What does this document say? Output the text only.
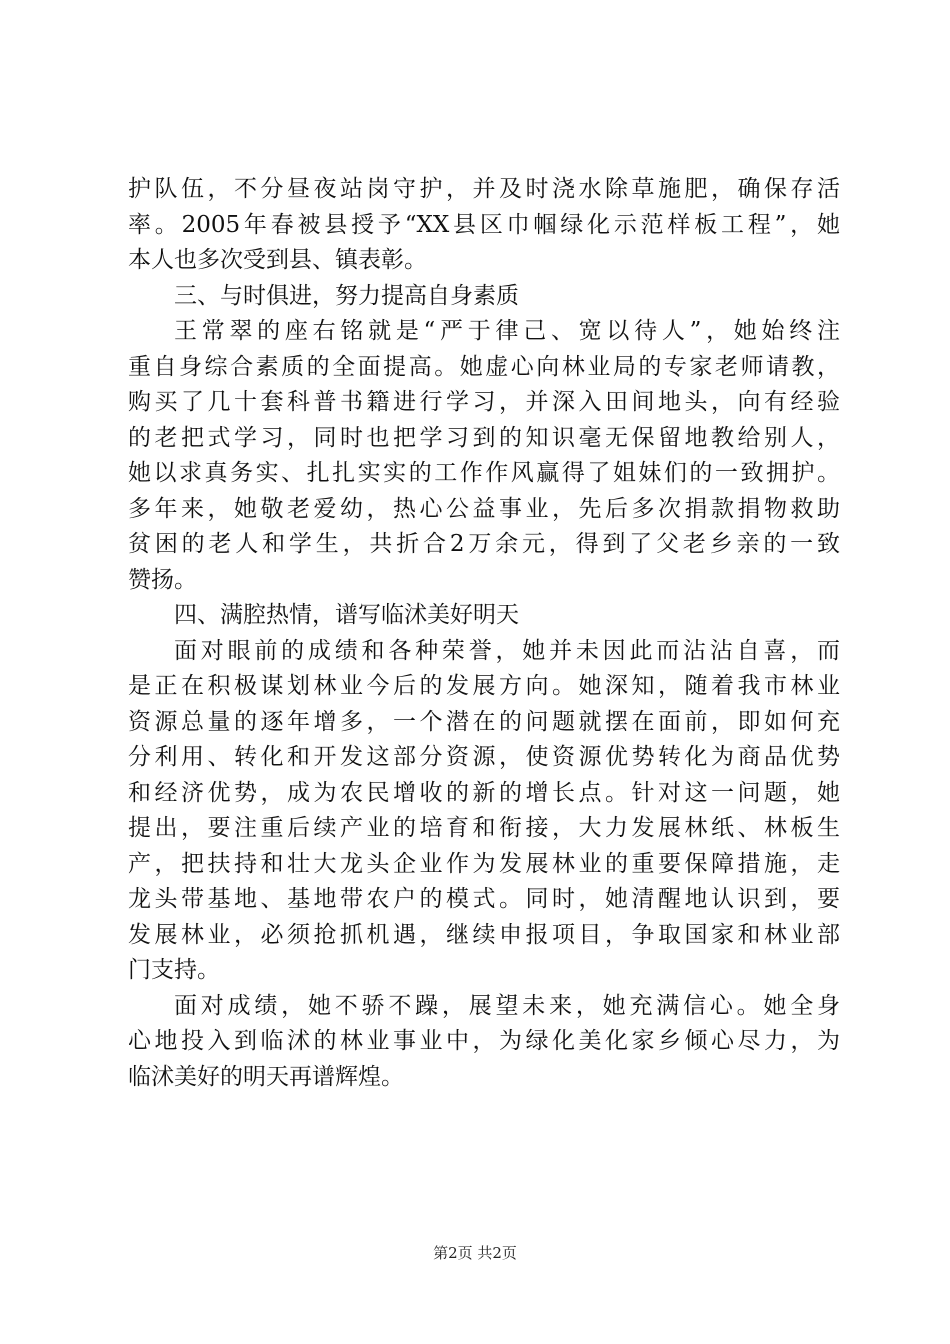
护队伍，不分昼夜站岗守护，并及时浇水除草施肥，确保存活
率。2005年春被县授予“XX县区巾帼绿化示范样板工程”，她
本人也多次受到县、镇表彰。
三、与时俱进，努力提高自身素质
王常翠的座右铭就是“严于律己、宽以待人”，她始终注
重自身综合素质的全面提高。她虚心向林业局的专家老师请教，
购买了几十套科普书籍进行学习，并深入田间地头，向有经验
的老把式学习，同时也把学习到的知识毫无保留地教给别人，
她以求真务实、扎扎实实的工作作风赢得了姐妹们的一致拥护。
多年来，她敬老爱幼，热心公益事业，先后多次捐款捐物救助
贫困的老人和学生，共折合2万余元，得到了父老乡亲的一致
赞扬。
四、满腔热情，谱写临沭美好明天
面对眼前的成绩和各种荣誉，她并未因此而沾沾自喜，而
是正在积极谋划林业今后的发展方向。她深知，随着我市林业
资源总量的逐年增多，一个潜在的问题就摆在面前，即如何充
分利用、转化和开发这部分资源，使资源优势转化为商品优势
和经济优势，成为农民增收的新的增长点。针对这一问题，她
提出，要注重后续产业的培育和衔接，大力发展林纸、林板生
产，把扶持和壮大龙头企业作为发展林业的重要保障措施，走
龙头带基地、基地带农户的模式。同时，她清醒地认识到，要
发展林业，必须抢抓机遇，继续申报项目，争取国家和林业部
门支持。
面对成绩，她不骄不躁，展望未来，她充满信心。她全身
心地投入到临沭的林业事业中，为绿化美化家乡倾心尽力，为
临沭美好的明天再谱辉煌。
第2页 共2页
